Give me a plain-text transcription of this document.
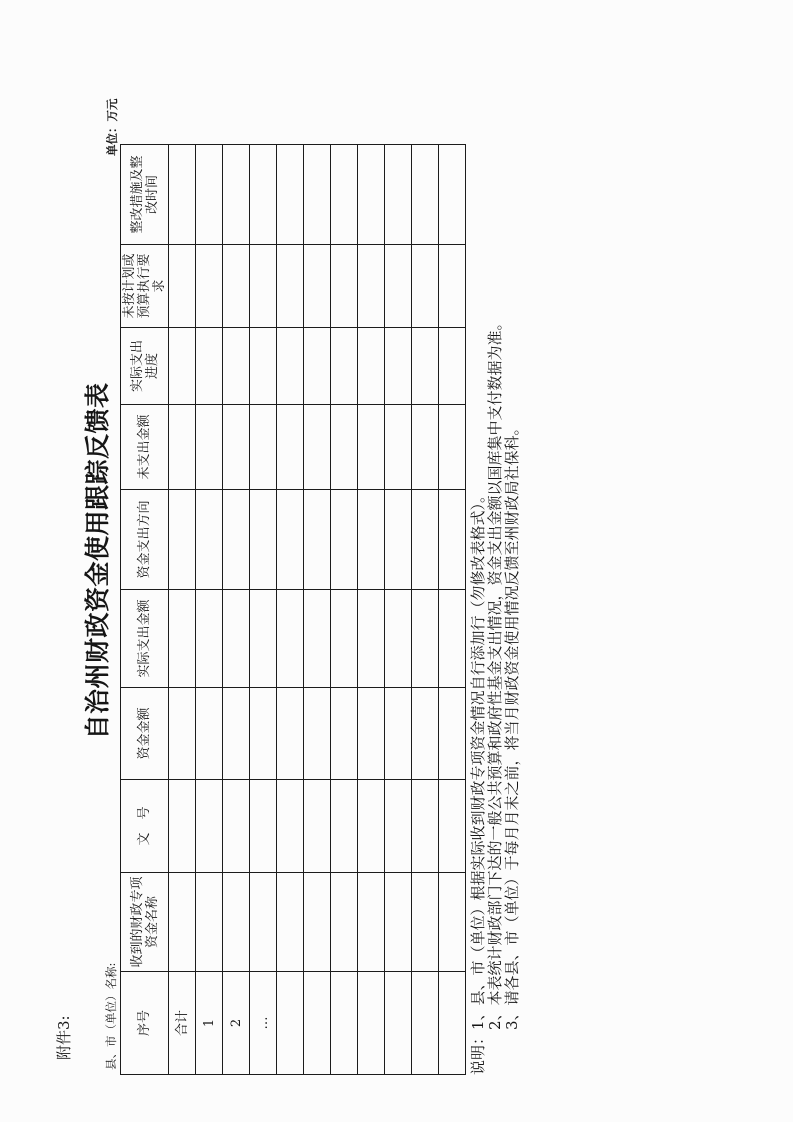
附件3:
自治州财政资金使用跟踪反馈表
县、市（单位）名称:
单位：万元
序号	收到的财政专项资金名称	文　号	资金金额	实际支出金额	资金支出方向	未支出金额	实际支出进度	未按计划或预算执行要求	整改措施及整改时间
合计									
1									
2									
…									

										说明：1、县、市（单位）根据实际收到财政专项资金情况自行添加行（勿修改表格式）。 2、本表统计财政部门下达的一般公共预算和政府性基金支出情况，资金支出金额以国库集中支付数据为准。 3、请各县、市（单位）于每月月末之前，将当月财政资金使用情况反馈至州财政局社保科。
